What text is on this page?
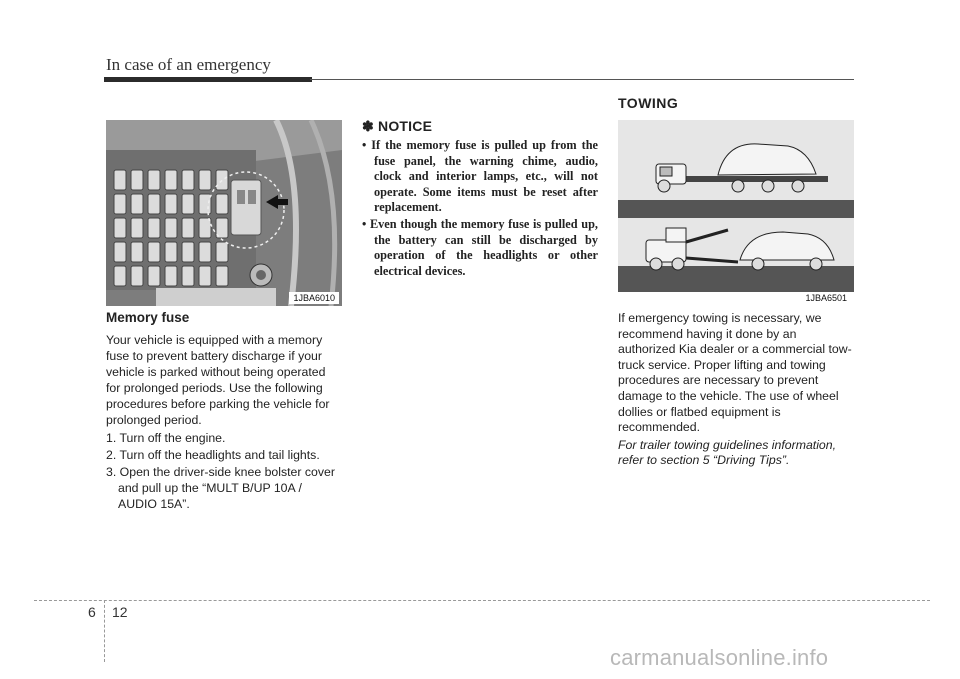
In case of an emergency
1JBA6010
Memory fuse

Your vehicle is equipped with a memory fuse to prevent battery discharge if your vehicle is parked without being operated for prolonged periods. Use the following procedures before parking the vehicle for prolonged period.

1. Turn off the engine.
2. Turn off the headlights and tail lights.
3. Open the driver-side knee bolster cover and pull up the “MULT B/UP 10A / AUDIO 15A”.
✽ NOTICE
• If the memory fuse is pulled up from the fuse panel, the warning chime, audio, clock and interior lamps, etc., will not operate. Some items must be reset after replacement.
• Even though the memory fuse is pulled up, the battery can still be discharged by operation of the headlights or other electrical devices.
TOWING
1JBA6501

If emergency towing is necessary, we recommend having it done by an authorized Kia dealer or a commercial tow-truck service. Proper lifting and towing procedures are necessary to prevent damage to the vehicle. The use of wheel dollies or flatbed equipment is recommended.

For trailer towing guidelines information, refer to section 5 “Driving Tips”.

6 12
carmanualsonline.info
